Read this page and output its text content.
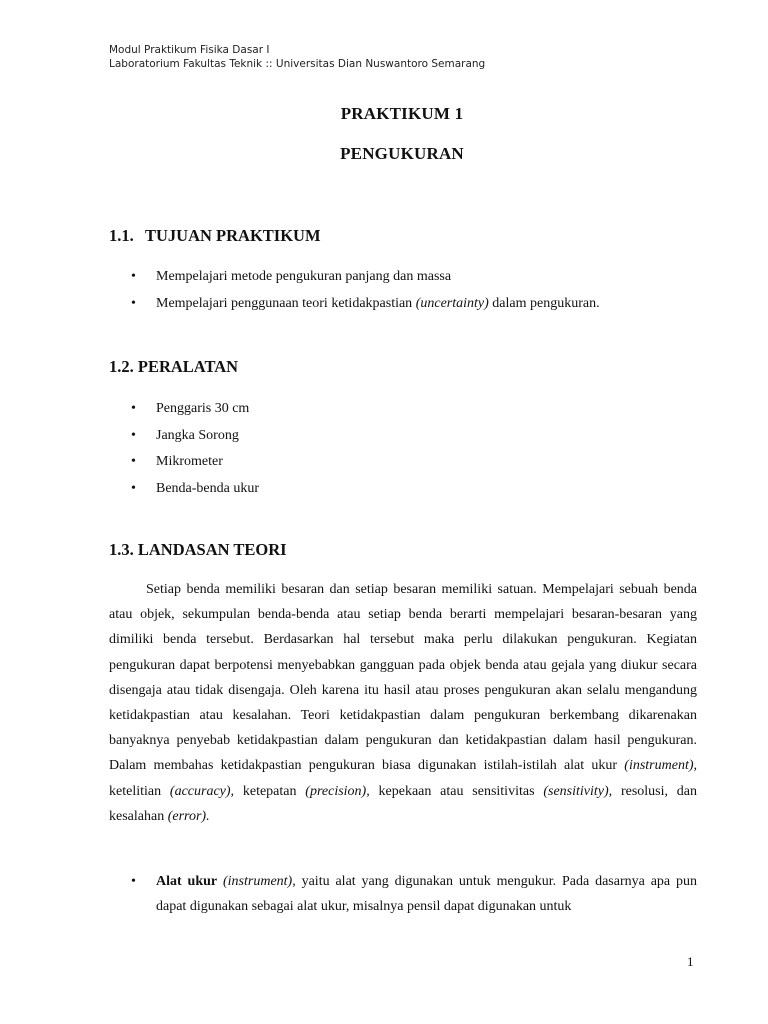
Modul Praktikum Fisika Dasar I
Laboratorium Fakultas Teknik :: Universitas Dian Nuswantoro Semarang
PRAKTIKUM 1
PENGUKURAN
1.1. TUJUAN PRAKTIKUM
• Mempelajari metode pengukuran panjang dan massa
• Mempelajari penggunaan teori ketidakpastian (uncertainty) dalam pengukuran.
1.2. PERALATAN
• Penggaris 30 cm
• Jangka Sorong
• Mikrometer
• Benda-benda ukur
1.3. LANDASAN TEORI
Setiap benda memiliki besaran dan setiap besaran memiliki satuan. Mempelajari sebuah benda atau objek, sekumpulan benda-benda atau setiap benda berarti mempelajari besaran-besaran yang dimiliki benda tersebut. Berdasarkan hal tersebut maka perlu dilakukan pengukuran. Kegiatan pengukuran dapat berpotensi menyebabkan gangguan pada objek benda atau gejala yang diukur secara disengaja atau tidak disengaja. Oleh karena itu hasil atau proses pengukuran akan selalu mengandung ketidakpastian atau kesalahan. Teori ketidakpastian dalam pengukuran berkembang dikarenakan banyaknya penyebab ketidakpastian dalam pengukuran dan ketidakpastian dalam hasil pengukuran. Dalam membahas ketidakpastian pengukuran biasa digunakan istilah-istilah alat ukur (instrument), ketelitian (accuracy), ketepatan (precision), kepekaan atau sensitivitas (sensitivity), resolusi, dan kesalahan (error).
• Alat ukur (instrument), yaitu alat yang digunakan untuk mengukur. Pada dasarnya apa pun dapat digunakan sebagai alat ukur, misalnya pensil dapat digunakan untuk
1
